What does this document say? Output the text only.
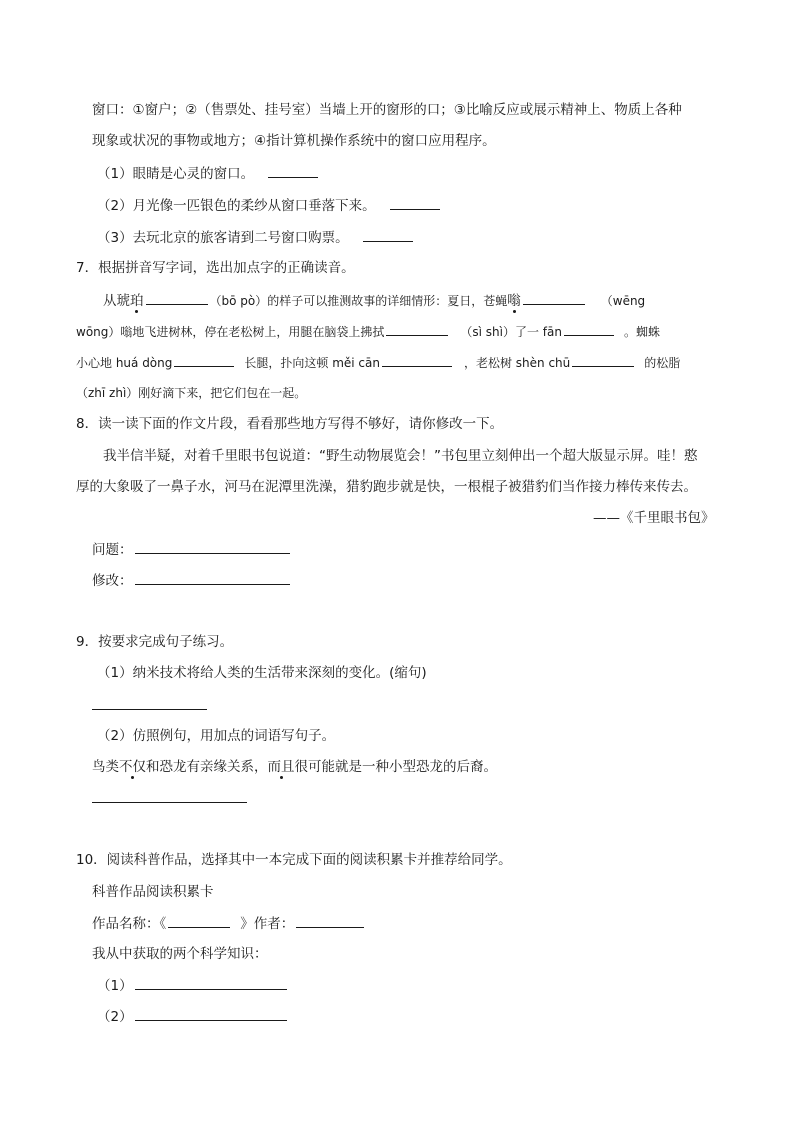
窗口：①窗户；②（售票处、挂号室）当墙上开的窗形的口；③比喻反应或展示精神上、物质上各种
现象或状况的事物或地方；④指计算机操作系统中的窗口应用程序。
（1）眼睛是心灵的窗口。
（2）月光像一匹银色的柔纱从窗口垂落下来。
（3）去玩北京的旅客请到二号窗口购票。
7．根据拼音写字词，选出加点字的正确读音。
从琥珀	（bō pò）的样子可以推测故事的详细情形：夏日，苍蝇嗡	（wēng
wōng）嗡地飞进树林，停在老松树上，用腿在脑袋上拂拭	（sì shì）了一 fān	。蜘蛛
小心地 huá dòng	长腿，扑向这顿 měi cān	，老松树 shèn chū	的松脂
（zhī zhì）刚好滴下来，把它们包在一起。
8．读一读下面的作文片段，看看那些地方写得不够好，请你修改一下。
我半信半疑，对着千里眼书包说道：“野生动物展览会！”书包里立刻伸出一个超大版显示屏。哇！憨
厚的大象吸了一鼻子水，河马在泥潭里洗澡，猎豹跑步就是快，一根棍子被猎豹们当作接力棒传来传去。
——《千里眼书包》
问题：
修改：
9．按要求完成句子练习。
（1）纳米技术将给人类的生活带来深刻的变化。(缩句)
（2）仿照例句，用加点的词语写句子。
鸟类不仅和恐龙有亲缘关系，而且很可能就是一种小型恐龙的后裔。
10．阅读科普作品，选择其中一本完成下面的阅读积累卡并推荐给同学。
科普作品阅读积累卡
作品名称：《	》作者：
我从中获取的两个科学知识：
（1）
（2）
